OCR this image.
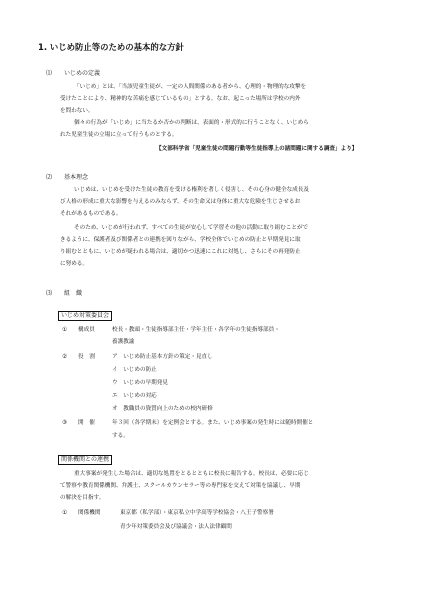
1. いじめ防止等のための基本的な方針
⑴ いじめの定義
「いじめ」とは、「当該児童生徒が、一定の人間関係のある者から、心理的・物理的な攻撃を
受けたことにより、精神的な苦痛を感じているもの」とする。なお、起こった場所は学校の内外
を問わない。
個々の行為が「いじめ」に当たるか否かの判断は、表面的・形式的に行うことなく、いじめら
れた児童生徒の立場に立って行うものとする。
【文部科学省「児童生徒の問題行動等生徒指導上の諸問題に関する調査」より】
⑵ 基本理念
いじめは、いじめを受けた生徒の教育を受ける権利を著しく侵害し、その心身の健全な成長及
び人格の形成に重大な影響を与えるのみならず、その生命又は身体に重大な危険を生じさせるお
それがあるものである。
そのため、いじめが行われず、すべての生徒が安心して学習その他の活動に取り組むことがで
きるように、保護者及び関係者との連携を図りながら、学校全体でいじめの防止と早期発見に取
り組むとともに、いじめが疑われる場合は、適切かつ迅速にこれに対処し、さらにその再発防止
に努める。
⑶ 組　織
いじめ対策委員会
① 構成員	校長・教頭・生徒指導部主任・学年主任・各学年の生徒指導部員・
養護教諭
② 役　割	ア　いじめ防止基本方針の策定・見直し
イ　いじめの防止
ウ　いじめの早期発見
エ　いじめの対応
オ　教職員の資質向上のための校内研修
③ 開　催	年３回（各学期末）を定例会とする。また、いじめ事案の発生時には随時開催と
する。
関係機関との連携
重大事案が発生した場合は、適切な処置をとるとともに校長に報告する。校長は、必要に応じ
て警察や教育関係機関、弁護士、スクールカウンセラー等の専門家を交えて対策を協議し、早期
の解決を目指す。
① 関係機関	東京都（私学部）・東京私立中学高等学校協会・八王子警察署
青少年対策委員会及び協議会・法人法律顧問
